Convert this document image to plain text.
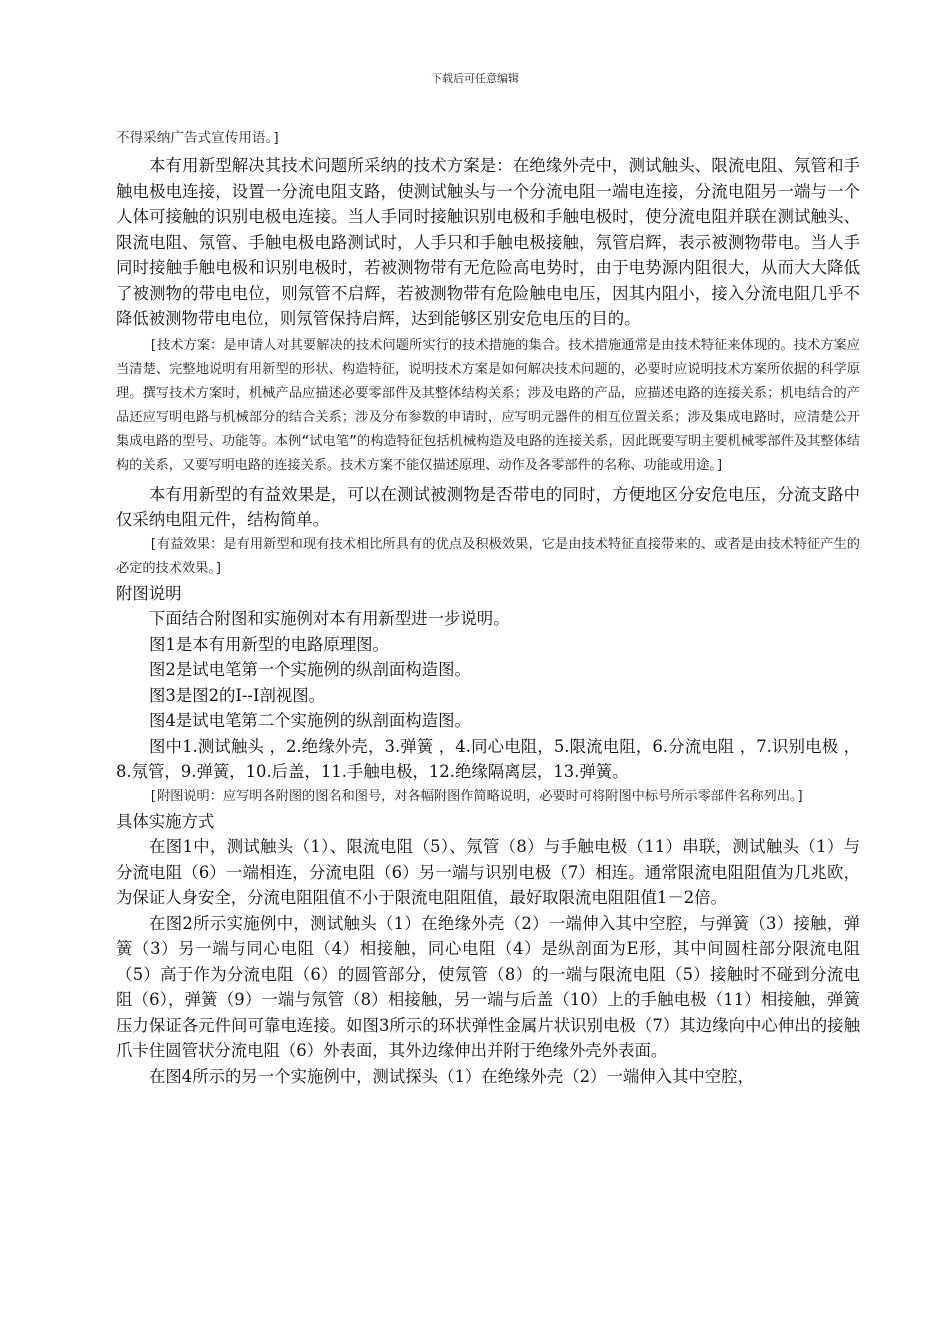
下载后可任意编辑

不得采纳广告式宣传用语。]

本有用新型解决其技术问题所采纳的技术方案是：在绝缘外壳中，测试触头、限流电阻、氖管和手触电极电连接，设置一分流电阻支路，使测试触头与一个分流电阻一端电连接，分流电阻另一端与一个人体可接触的识别电极电连接。当人手同时接触识别电极和手触电极时，使分流电阻并联在测试触头、限流电阻、氖管、手触电极电路测试时，人手只和手触电极接触，氖管启辉，表示被测物带电。当人手同时接触手触电极和识别电极时，若被测物带有无危险高电势时，由于电势源内阻很大，从而大大降低了被测物的带电电位，则氖管不启辉，若被测物带有危险触电电压，因其内阻小，接入分流电阻几乎不降低被测物带电电位，则氖管保持启辉，达到能够区别安危电压的目的。

[技术方案：是申请人对其要解决的技术问题所实行的技术措施的集合。技术措施通常是由技术特征来体现的。技术方案应当清楚、完整地说明有用新型的形状、构造特征，说明技术方案是如何解决技术问题的，必要时应说明技术方案所依据的科学原理。撰写技术方案时，机械产品应描述必要零部件及其整体结构关系；涉及电路的产品，应描述电路的连接关系；机电结合的产品还应写明电路与机械部分的结合关系；涉及分布参数的申请时，应写明元器件的相互位置关系；涉及集成电路时，应清楚公开集成电路的型号、功能等。本例“试电笔”的构造特征包括机械构造及电路的连接关系，因此既要写明主要机械零部件及其整体结构的关系，又要写明电路的连接关系。技术方案不能仅描述原理、动作及各零部件的名称、功能或用途。]

本有用新型的有益效果是，可以在测试被测物是否带电的同时，方便地区分安危电压，分流支路中仅采纳电阻元件，结构简单。

[有益效果：是有用新型和现有技术相比所具有的优点及积极效果，它是由技术特征直接带来的、或者是由技术特征产生的必定的技术效果。]

附图说明

下面结合附图和实施例对本有用新型进一步说明。

图1是本有用新型的电路原理图。

图2是试电笔第一个实施例的纵剖面构造图。

图3是图2的I--I剖视图。

图4是试电笔第二个实施例的纵剖面构造图。

图中1.测试触头 ，2.绝缘外壳，3.弹簧 ，4.同心电阻，5.限流电阻，6.分流电阻 ，7.识别电极 ，8.氖管，9.弹簧，10.后盖，11.手触电极，12.绝缘隔离层，13.弹簧。

[附图说明：应写明各附图的图名和图号，对各幅附图作简略说明，必要时可将附图中标号所示零部件名称列出。]

具体实施方式

在图1中，测试触头（1）、限流电阻（5）、氖管（8）与手触电极（11）串联，测试触头（1）与分流电阻（6）一端相连，分流电阻（6）另一端与识别电极（7）相连。通常限流电阻阻值为几兆欧，为保证人身安全，分流电阻阻值不小于限流电阻阻值，最好取限流电阻阻值1－2倍。

在图2所示实施例中，测试触头（1）在绝缘外壳（2）一端伸入其中空腔，与弹簧（3）接触，弹簧（3）另一端与同心电阻（4）相接触，同心电阻（4）是纵剖面为E形，其中间圆柱部分限流电阻（5）高于作为分流电阻（6）的圆管部分，使氖管（8）的一端与限流电阻（5）接触时不碰到分流电阻（6），弹簧（9）一端与氖管（8）相接触，另一端与后盖（10）上的手触电极（11）相接触，弹簧压力保证各元件间可靠电连接。如图3所示的环状弹性金属片状识别电极（7）其边缘向中心伸出的接触爪卡住圆管状分流电阻（6）外表面，其外边缘伸出并附于绝缘外壳外表面。

在图4所示的另一个实施例中，测试探头（1）在绝缘外壳（2）一端伸入其中空腔，
